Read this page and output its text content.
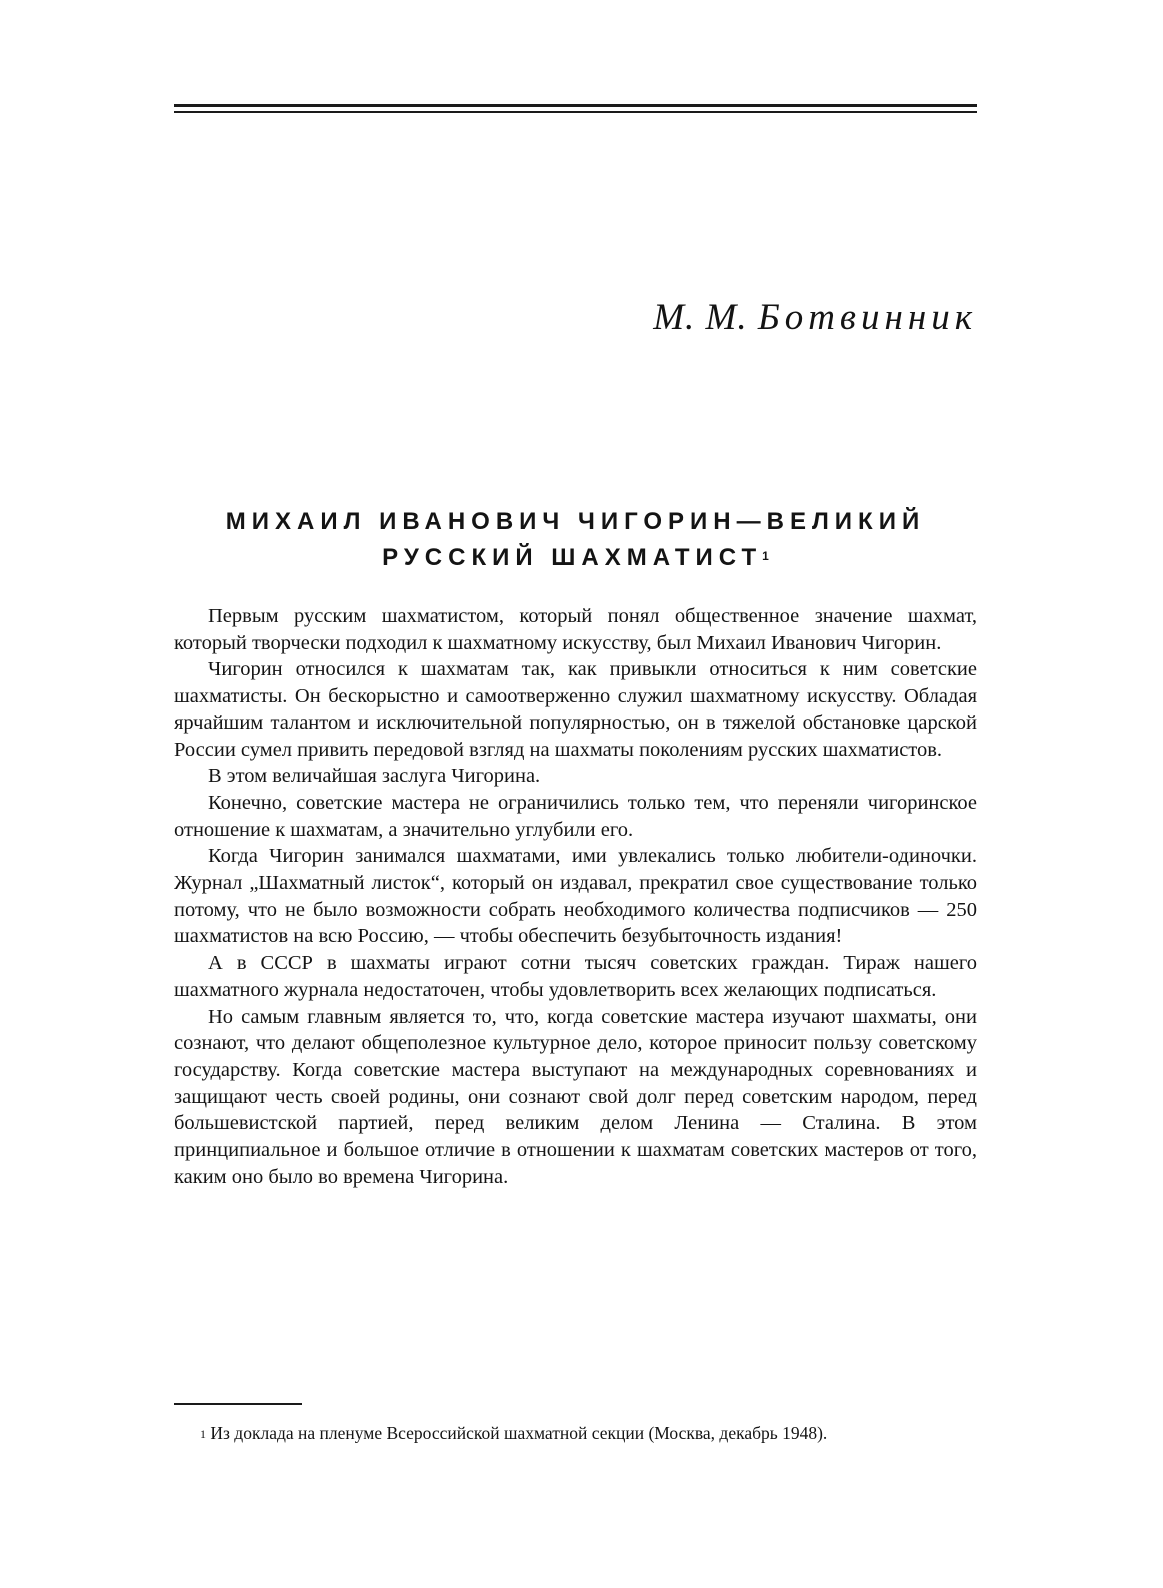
М. М. Ботвинник
МИХАИЛ ИВАНОВИЧ ЧИГОРИН—ВЕЛИКИЙ
РУССКИЙ ШАХМАТИСТ$^1$

Первым русским шахматистом, который понял общественное значение шахмат, который творчески подходил к шахматному искусству, был Михаил Иванович Чигорин.

Чигорин относился к шахматам так, как привыкли относиться к ним советские шахматисты. Он бескорыстно и самоотверженно служил шахматному искусству. Обладая ярчайшим талантом и исключительной популярностью, он в тяжелой обстановке царской России сумел привить передовой взгляд на шахматы поколениям русских шахматистов.

В этом величайшая заслуга Чигорина.

Конечно, советские мастера не ограничились только тем, что переняли чигоринское отношение к шахматам, а значительно углубили его.

Когда Чигорин занимался шахматами, ими увлекались только любители-одиночки. Журнал „Шахматный листок“, который он издавал, прекратил свое существование только потому, что не было возможности собрать необходимого количества подписчиков — 250 шахматистов на всю Россию, — чтобы обеспечить безубыточность издания!

А в СССР в шахматы играют сотни тысяч советских граждан. Тираж нашего шахматного журнала недостаточен, чтобы удовлетворить всех желающих подписаться.

Но самым главным является то, что, когда советские мастера изучают шахматы, они сознают, что делают общеполезное культурное дело, которое приносит пользу советскому государству. Когда советские мастера выступают на международных соревнованиях и защищают честь своей родины, они сознают свой долг перед советским народом, перед большевистской партией, перед великим делом Ленина — Сталина. В этом принципиальное и большое отличие в отношении к шахматам советских мастеров от того, каким оно было во времена Чигорина.

$^1$ Из доклада на пленуме Всероссийской шахматной секции (Москва, декабрь 1948).
